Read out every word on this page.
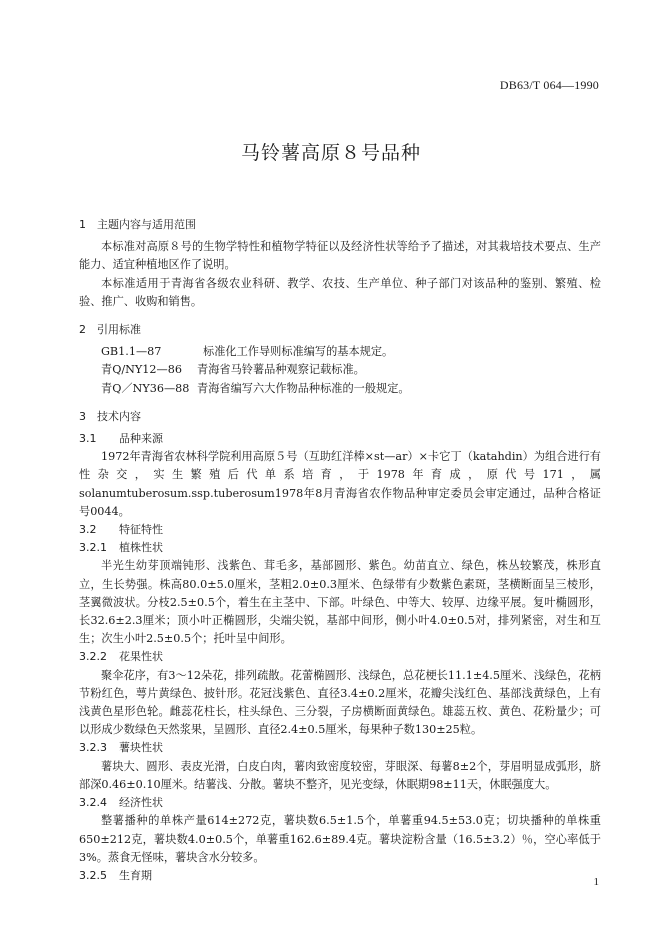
DB63/T 064—1990
马铃薯高原８号品种

1 主题内容与适用范围

本标准对高原８号的生物学特性和植物学特征以及经济性状等给予了描述，对其栽培技术要点、生产能力、适宜种植地区作了说明。

本标准适用于青海省各级农业科研、教学、农技、生产单位、种子部门对该品种的鉴别、繁殖、检验、推广、收购和销售。

2 引用标准

GB1.1—87	标准化工作导则标准编写的基本规定。

青Q/NY12—86	青海省马铃薯品种观察记载标准。

青Q／NY36—88 青海省编写六大作物品种标准的一般规定。

3 技术内容

3.1 品种来源

1972年青海省农林科学院利用高原５号（互助红洋棒×st—ar）×卡它丁（katahdin）为组合进行有性杂交，实生繁殖后代单系培育，于1978年育成，原代号171，属solanumtuberosum.ssp.tuberosum1978年8月青海省农作物品种审定委员会审定通过，品种合格证号0044。

3.2 特征特性

3.2.1 植株性状

半光生幼芽顶端钝形、浅紫色、茸毛多，基部圆形、紫色。幼苗直立、绿色，株丛较繁茂，株形直立，生长势强。株高80.0±5.0厘米，茎粗2.0±0.3厘米、色绿带有少数紫色素斑，茎横断面呈三棱形，茎翼微波状。分枝2.5±0.5个，着生在主茎中、下部。叶绿色、中等大、较厚、边缘平展。复叶椭圆形，长32.6±2.3厘米；顶小叶正椭圆形，尖端尖锐，基部中间形，侧小叶4.0±0.5对，排列紧密，对生和互生；次生小叶2.5±0.5个；托叶呈中间形。

3.2.2 花果性状

聚伞花序，有3～12朵花，排列疏散。花蕾椭圆形、浅绿色，总花梗长11.1±4.5厘米、浅绿色，花柄节粉红色，萼片黄绿色、披针形。花冠浅紫色、直径3.4±0.2厘米，花瓣尖浅红色、基部浅黄绿色，上有浅黄色星形色轮。雌蕊花柱长，柱头绿色、三分裂，子房横断面黄绿色。雄蕊五枚、黄色、花粉量少；可以形成少数绿色天然浆果，呈圆形、直径2.4±0.5厘米，每果种子数130±25粒。

3.2.3 薯块性状

薯块大、圆形、表皮光滑，白皮白肉，薯肉致密度较密，芽眼深、每薯8±2个，芽眉明显成弧形，脐部深0.46±0.10厘米。结薯浅、分散。薯块不整齐，见光变绿，休眠期98±11天，休眠强度大。

3.2.4 经济性状

整薯播种的单株产量614±272克，薯块数6.5±1.5个，单薯重94.5±53.0克；切块播种的单株重650±212克，薯块数4.0±0.5个，单薯重162.6±89.4克。薯块淀粉含量（16.5±3.2）％，空心率低于3%。蒸食无怪味，薯块含水分较多。

3.2.5 生育期

1
